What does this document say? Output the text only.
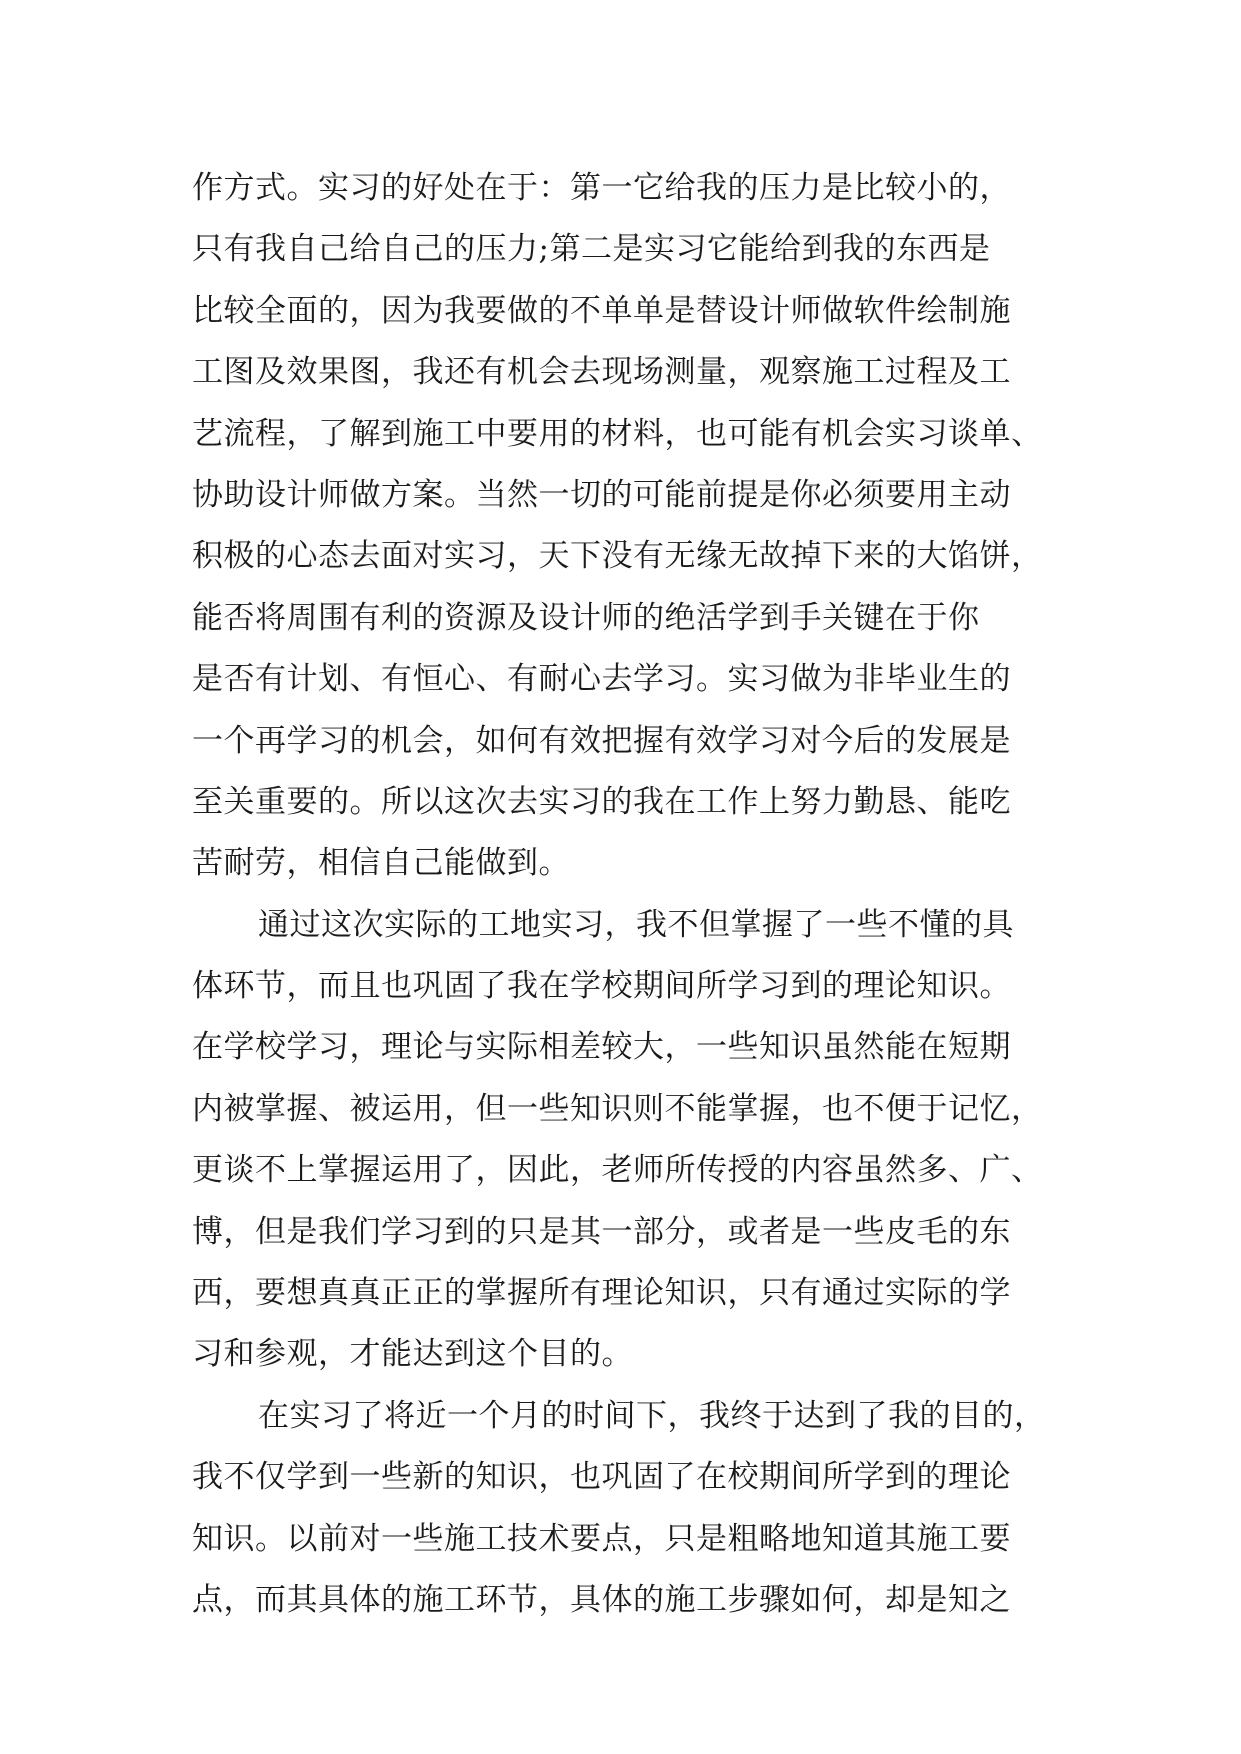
作方式。实习的好处在于：第一它给我的压力是比较小的，
只有我自己给自己的压力;第二是实习它能给到我的东西是
比较全面的，因为我要做的不单单是替设计师做软件绘制施
工图及效果图，我还有机会去现场测量，观察施工过程及工
艺流程，了解到施工中要用的材料，也可能有机会实习谈单、
协助设计师做方案。当然一切的可能前提是你必须要用主动
积极的心态去面对实习，天下没有无缘无故掉下来的大馅饼，
能否将周围有利的资源及设计师的绝活学到手关键在于你
是否有计划、有恒心、有耐心去学习。实习做为非毕业生的
一个再学习的机会，如何有效把握有效学习对今后的发展是
至关重要的。所以这次去实习的我在工作上努力勤恳、能吃
苦耐劳，相信自己能做到。
通过这次实际的工地实习，我不但掌握了一些不懂的具
体环节，而且也巩固了我在学校期间所学习到的理论知识。
在学校学习，理论与实际相差较大，一些知识虽然能在短期
内被掌握、被运用，但一些知识则不能掌握，也不便于记忆，
更谈不上掌握运用了，因此，老师所传授的内容虽然多、广、
博，但是我们学习到的只是其一部分，或者是一些皮毛的东
西，要想真真正正的掌握所有理论知识，只有通过实际的学
习和参观，才能达到这个目的。
在实习了将近一个月的时间下，我终于达到了我的目的，
我不仅学到一些新的知识，也巩固了在校期间所学到的理论
知识。以前对一些施工技术要点，只是粗略地知道其施工要
点，而其具体的施工环节，具体的施工步骤如何，却是知之
